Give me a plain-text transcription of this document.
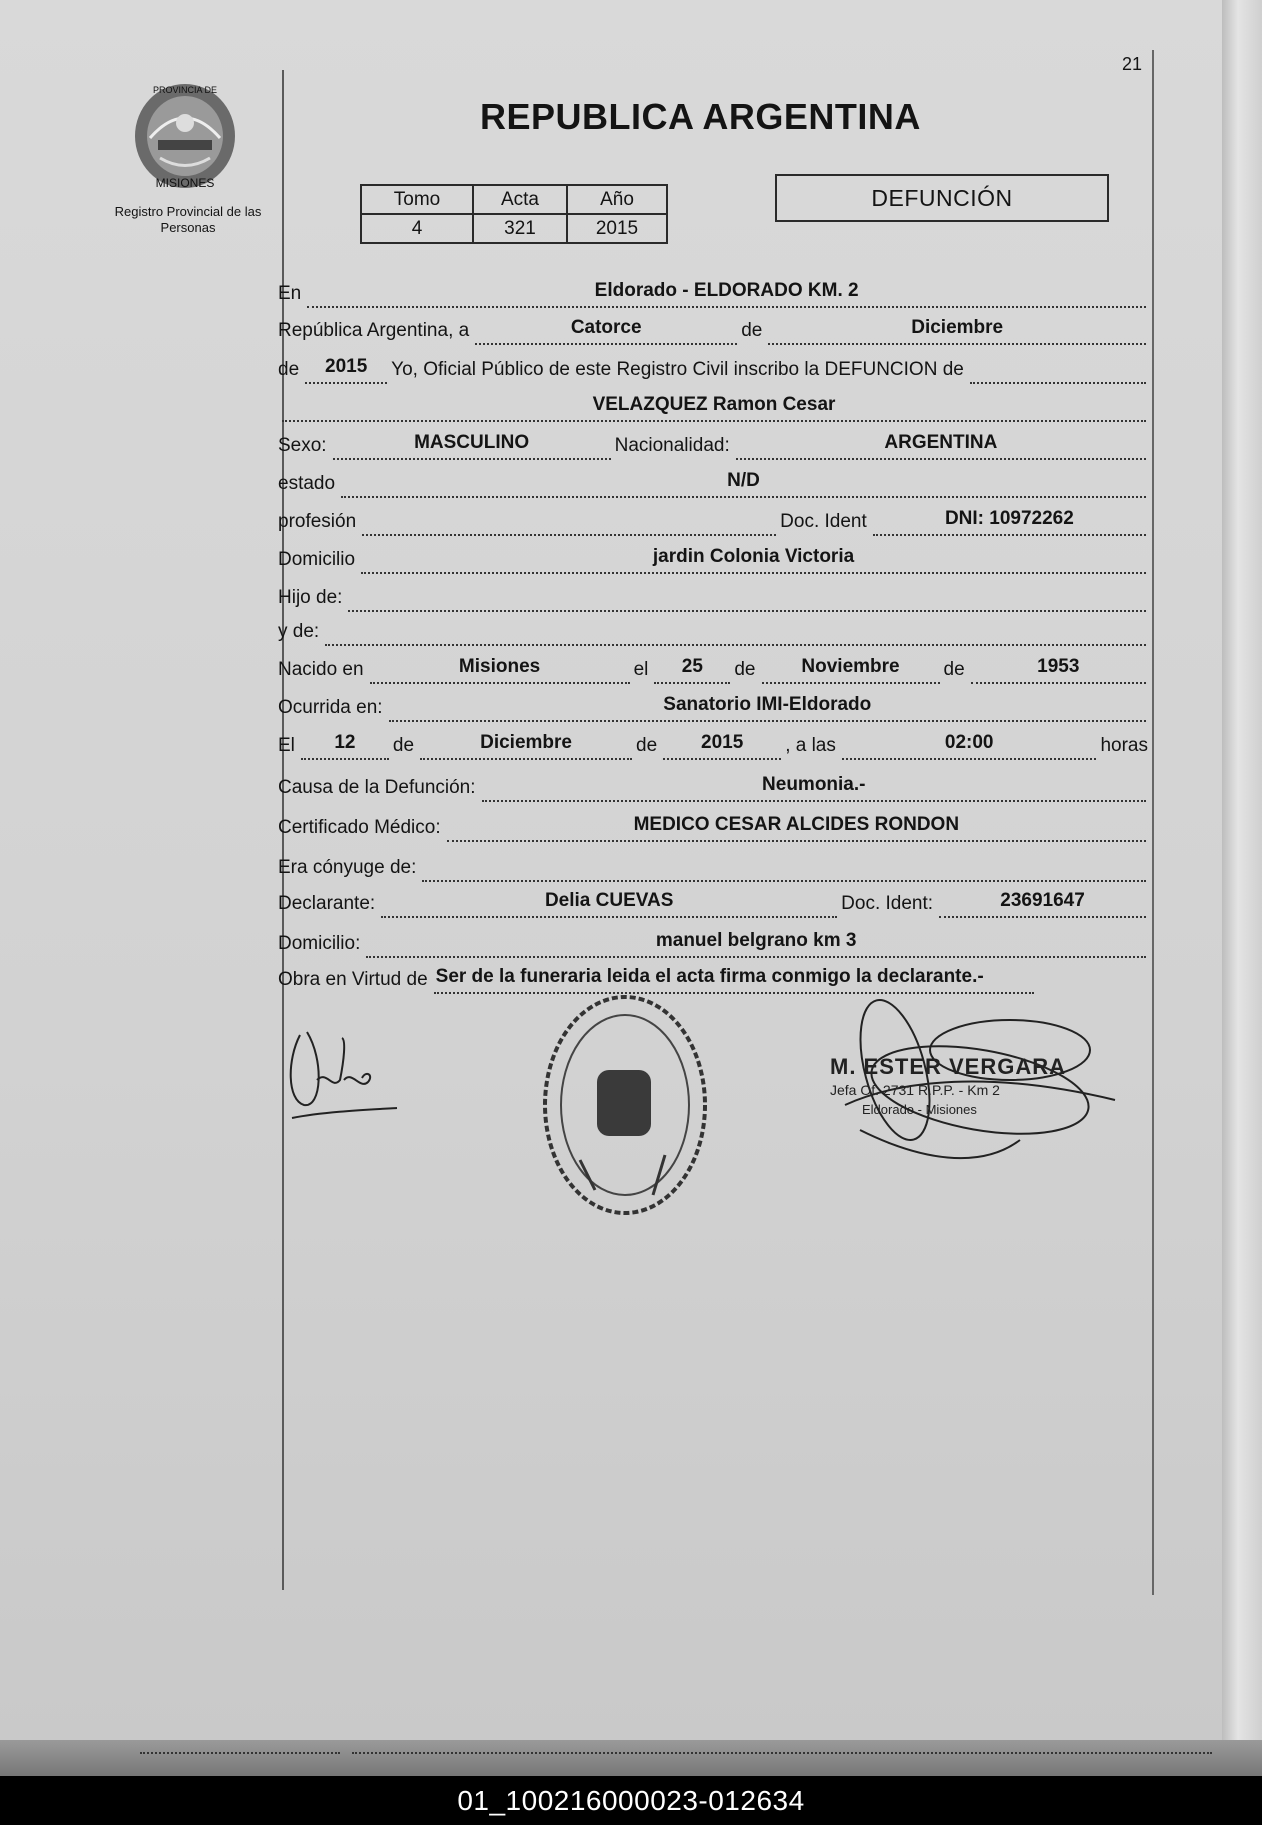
21
PROVINCIA DE
MISIONES
Registro Provincial de las Personas
REPUBLICA ARGENTINA
Tomo	Acta	Año
4	321	2015
DEFUNCIÓN
En	Eldorado - ELDORADO KM. 2
República Argentina, a	Catorce	de	Diciembre
de	2015	Yo, Oficial Público de este Registro Civil inscribo la DEFUNCION de
VELAZQUEZ Ramon Cesar
Sexo:	MASCULINO	Nacionalidad:	ARGENTINA
estado	N/D
profesión	Doc. Ident	DNI: 10972262
Domicilio	jardin Colonia Victoria
Hijo de:
y de:
Nacido en	Misiones	el	25	de	Noviembre	de	1953
Ocurrida en:	Sanatorio IMI-Eldorado
El	12	de	Diciembre	de	2015	, a las	02:00	horas
Causa de la Defunción:	Neumonia.-
Certificado Médico:	MEDICO CESAR ALCIDES RONDON
Era cónyuge de:
Declarante:	Delia CUEVAS	Doc. Ident:	23691647
Domicilio:	manuel belgrano km 3
Obra en Virtud de Ser de la funeraria leida el acta firma conmigo la declarante.-
M. ESTER VERGARA
Jefa Of. 2731 R.P.P. - Km 2
Eldorado - Misiones
01_100216000023-012634
